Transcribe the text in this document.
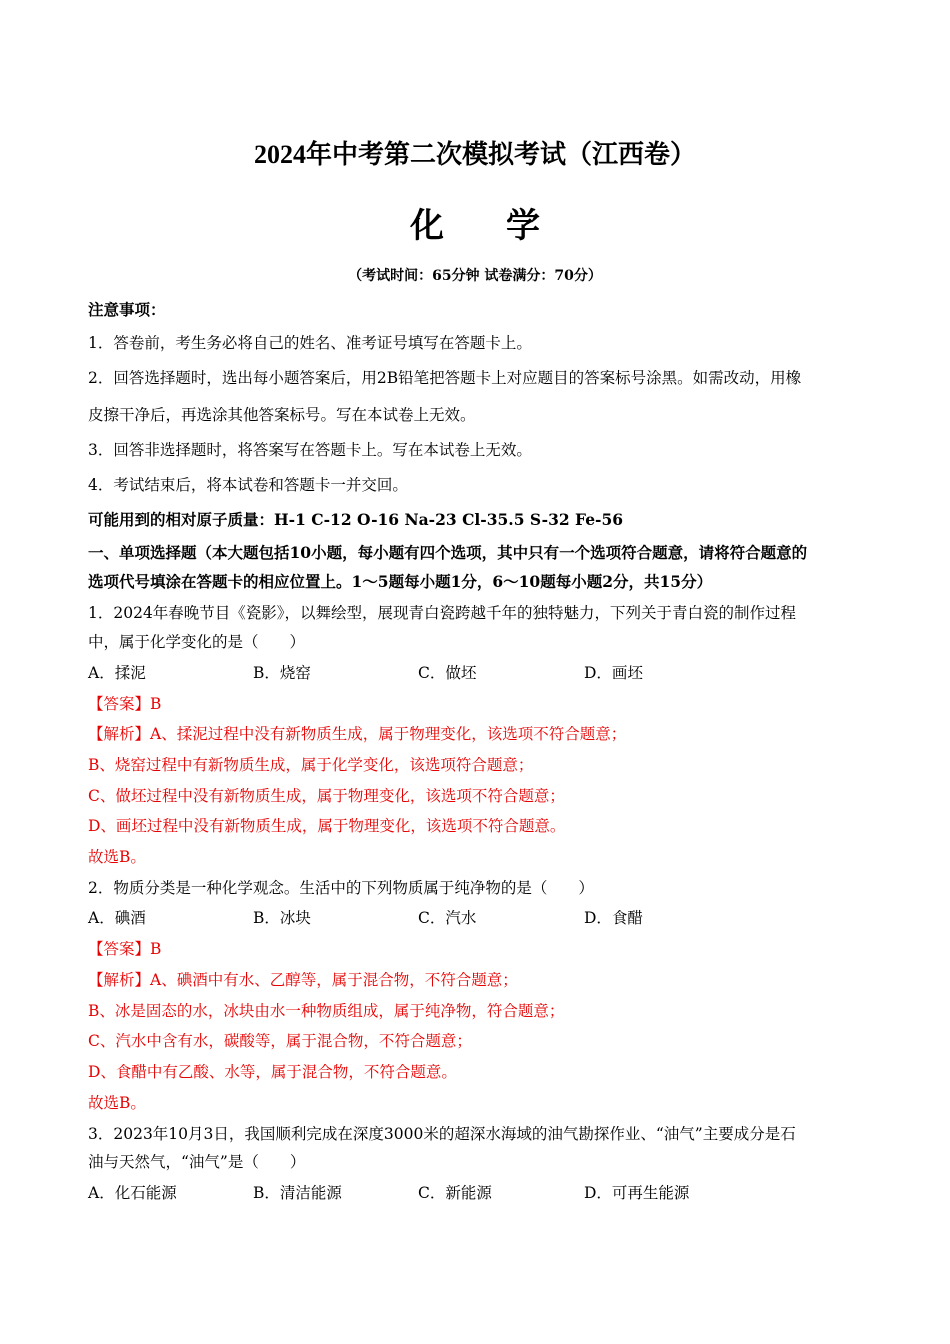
2024年中考第二次模拟考试（江西卷）
化学
（考试时间：65分钟 试卷满分：70分）
注意事项：
1．答卷前，考生务必将自己的姓名、准考证号填写在答题卡上。
2．回答选择题时，选出每小题答案后，用2B铅笔把答题卡上对应题目的答案标号涂黑。如需改动，用橡
皮擦干净后，再选涂其他答案标号。写在本试卷上无效。
3．回答非选择题时，将答案写在答题卡上。写在本试卷上无效。
4．考试结束后，将本试卷和答题卡一并交回。
可能用到的相对原子质量：H-1 C-12 O-16 Na-23 Cl-35.5 S-32 Fe-56
一、单项选择题（本大题包括10小题，每小题有四个选项，其中只有一个选项符合题意，请将符合题意的
选项代号填涂在答题卡的相应位置上。1～5题每小题1分，6～10题每小题2分，共15分）
1．2024年春晚节目《瓷影》，以舞绘型，展现青白瓷跨越千年的独特魅力，下列关于青白瓷的制作过程
中，属于化学变化的是（　　）
A．揉泥	B．烧窑	C．做坯	D．画坯
【答案】B
【解析】A、揉泥过程中没有新物质生成，属于物理变化，该选项不符合题意；
B、烧窑过程中有新物质生成，属于化学变化，该选项符合题意；
C、做坯过程中没有新物质生成，属于物理变化，该选项不符合题意；
D、画坯过程中没有新物质生成，属于物理变化，该选项不符合题意。
故选B。
2．物质分类是一种化学观念。生活中的下列物质属于纯净物的是（　　）
A．碘酒	B．冰块	C．汽水	D．食醋
【答案】B
【解析】A、碘酒中有水、乙醇等，属于混合物，不符合题意；
B、冰是固态的水，冰块由水一种物质组成，属于纯净物，符合题意；
C、汽水中含有水，碳酸等，属于混合物，不符合题意；
D、食醋中有乙酸、水等，属于混合物，不符合题意。
故选B。
3．2023年10月3日，我国顺利完成在深度3000米的超深水海域的油气勘探作业、“油气”主要成分是石
油与天然气，“油气”是（　　）
A．化石能源	B．清洁能源	C．新能源	D．可再生能源
